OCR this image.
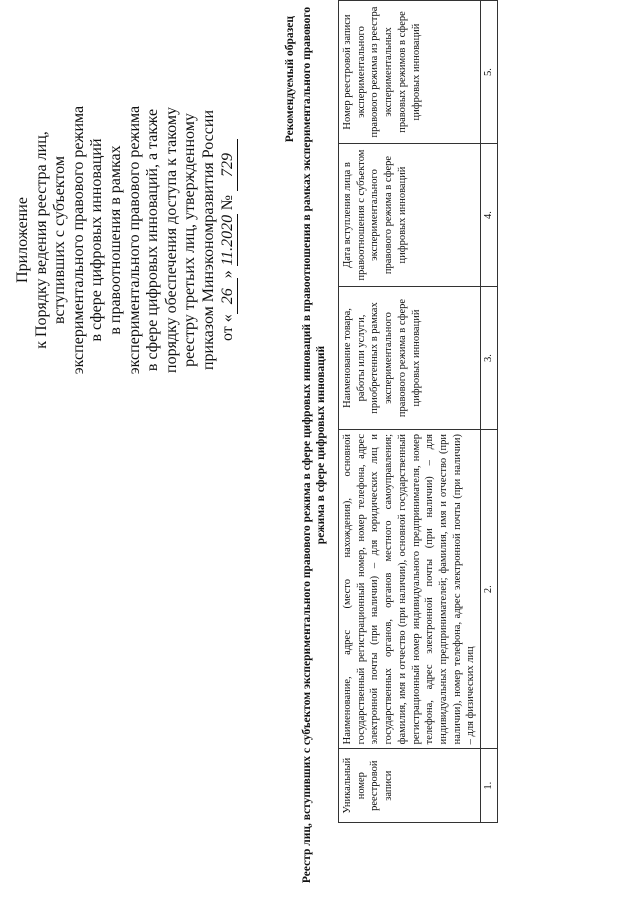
Приложение к Порядку ведения реестра лиц, вступивших с субъектом экспериментального правового режима в сфере цифровых инноваций в правоотношения в рамках экспериментального правового режима в сфере цифровых инноваций, а также порядку обеспечения доступа к такому реестру третьих лиц, утвержденному приказом Минэкономразвития России от «26» 11.2020 № 729
Рекомендуемый образец Реестр лиц, вступивших с субъектом экспериментального правового режима в сфере цифровых инноваций в правоотношения в рамках экспериментального правового режима в сфере цифровых инноваций
Уникальный номер реестровой записи	Наименование, адрес (место нахождения), основной государственный регистрационный номер, номер телефона, адрес электронной почты (при наличии) – для юридических лиц и государственных органов, органов местного самоуправления; фамилия, имя и отчество (при наличии), основной государственный регистрационный номер индивидуального предпринимателя, номер телефона, адрес электронной почты (при наличии) – для индивидуальных предпринимателей; фамилия, имя и отчество (при наличии), номер телефона, адрес электронной почты (при наличии) – для физических лиц	Наименование товара, работы или услуги, приобретенных в рамках экспериментального правового режима в сфере цифровых инноваций	Дата вступления лица в правоотношения с субъектом экспериментального правового режима в сфере цифровых инноваций	Номер реестровой записи экспериментального правового режима из реестра экспериментальных правовых режимов в сфере цифровых инноваций
1.	2.	3.	4.	5.
